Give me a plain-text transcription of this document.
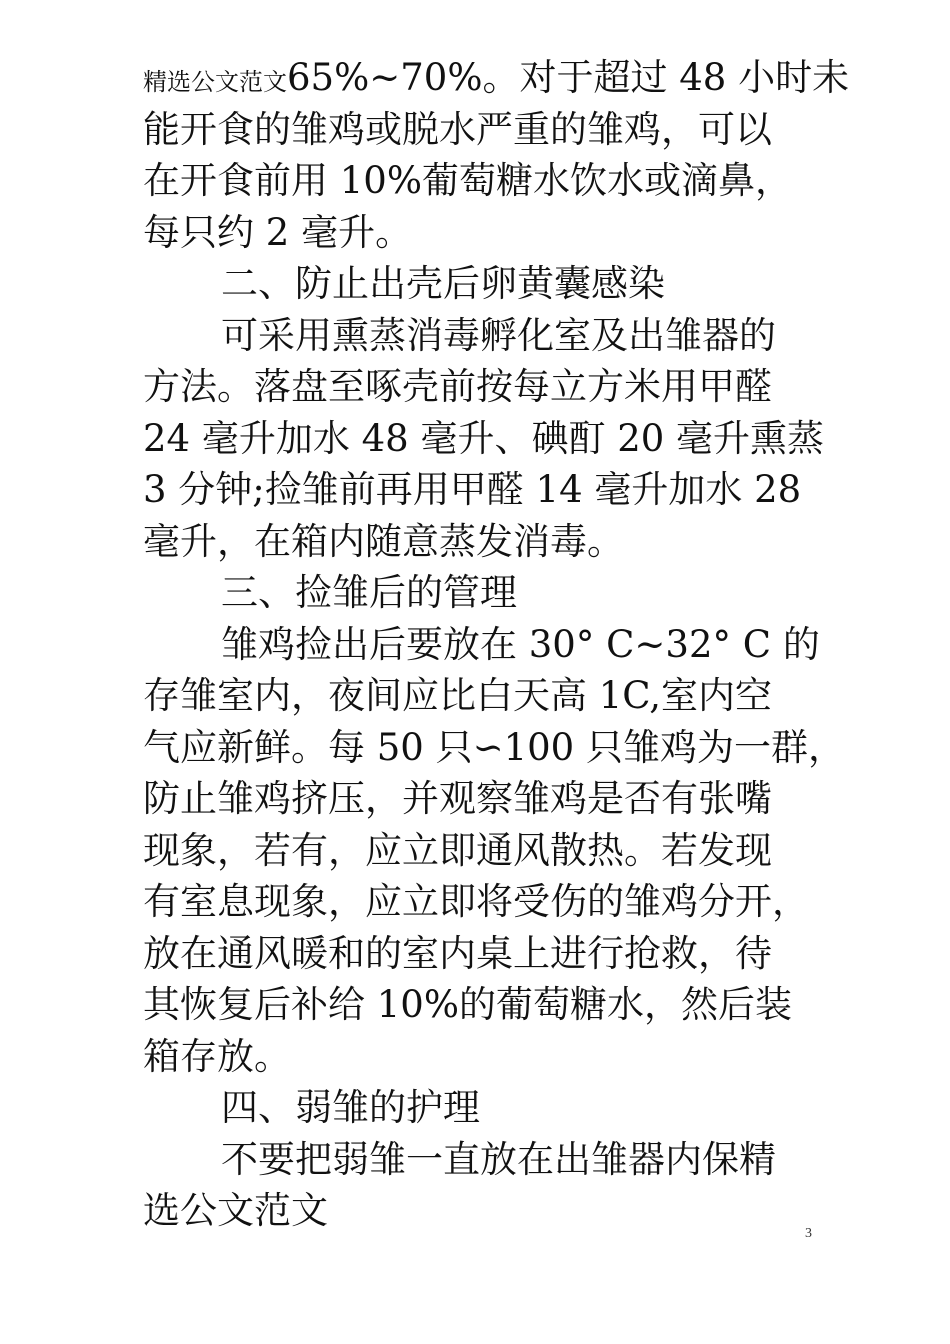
精选公文范文65%~70%。对于超过 48 小时未
能开食的雏鸡或脱水严重的雏鸡，可以
在开食前用 10%葡萄糖水饮水或滴鼻，
每只约 2 毫升。
二、防止出壳后卵黄囊感染
可采用熏蒸消毒孵化室及出雏器的
方法。落盘至啄壳前按每立方米用甲醛
24 毫升加水 48 毫升、碘酊 20 毫升熏蒸
3 分钟;捡雏前再用甲醛 14 毫升加水 28
毫升，在箱内随意蒸发消毒。
三、捡雏后的管理
雏鸡捡出后要放在 30° C~32° C 的
存雏室内，夜间应比白天高 1C,室内空
气应新鲜。每 50 只∽100 只雏鸡为一群，
防止雏鸡挤压，并观察雏鸡是否有张嘴
现象，若有，应立即通风散热。若发现
有室息现象，应立即将受伤的雏鸡分开，
放在通风暖和的室内桌上进行抢救，待
其恢复后补给 10%的葡萄糖水，然后装
箱存放。
四、弱雏的护理
不要把弱雏一直放在出雏器内保精
选公文范文
3
